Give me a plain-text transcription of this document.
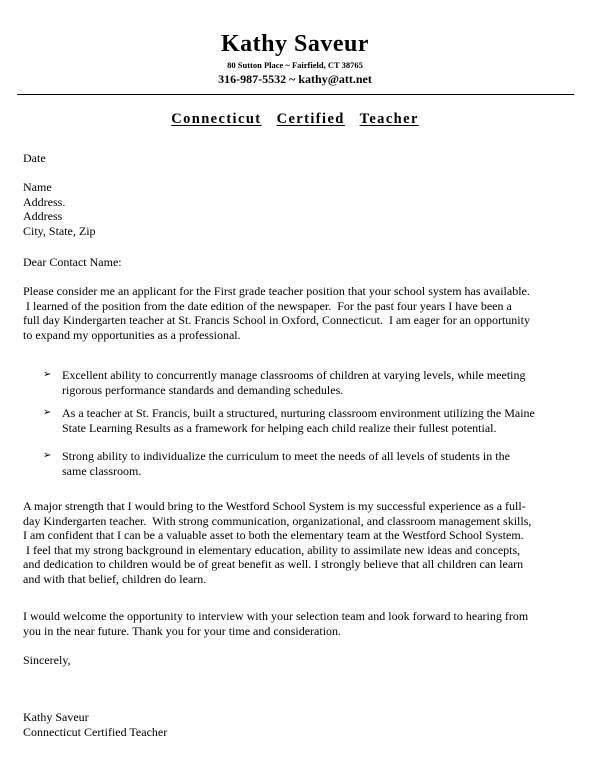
Kathy Saveur
80 Sutton Place ~ Fairfield, CT 38765
316-987-5532 ~ kathy@att.net
Connecticut Certified Teacher
Date
Name
Address.
Address
City, State, Zip
Dear Contact Name:
Please consider me an applicant for the First grade teacher position that your school system has available.
I learned of the position from the date edition of the newspaper.  For the past four years I have been a
full day Kindergarten teacher at St. Francis School in Oxford, Connecticut.  I am eager for an opportunity
to expand my opportunities as a professional.
➢ Excellent ability to concurrently manage classrooms of children at varying levels, while meeting
rigorous performance standards and demanding schedules.
➢ As a teacher at St. Francis, built a structured, nurturing classroom environment utilizing the Maine
State Learning Results as a framework for helping each child realize their fullest potential.
➢ Strong ability to individualize the curriculum to meet the needs of all levels of students in the
same classroom.
A major strength that I would bring to the Westford School System is my successful experience as a full-
day Kindergarten teacher.  With strong communication, organizational, and classroom management skills,
I am confident that I can be a valuable asset to both the elementary team at the Westford School System.
I feel that my strong background in elementary education, ability to assimilate new ideas and concepts,
and dedication to children would be of great benefit as well. I strongly believe that all children can learn
and with that belief, children do learn.
I would welcome the opportunity to interview with your selection team and look forward to hearing from
you in the near future. Thank you for your time and consideration.
Sincerely,
Kathy Saveur
Connecticut Certified Teacher
